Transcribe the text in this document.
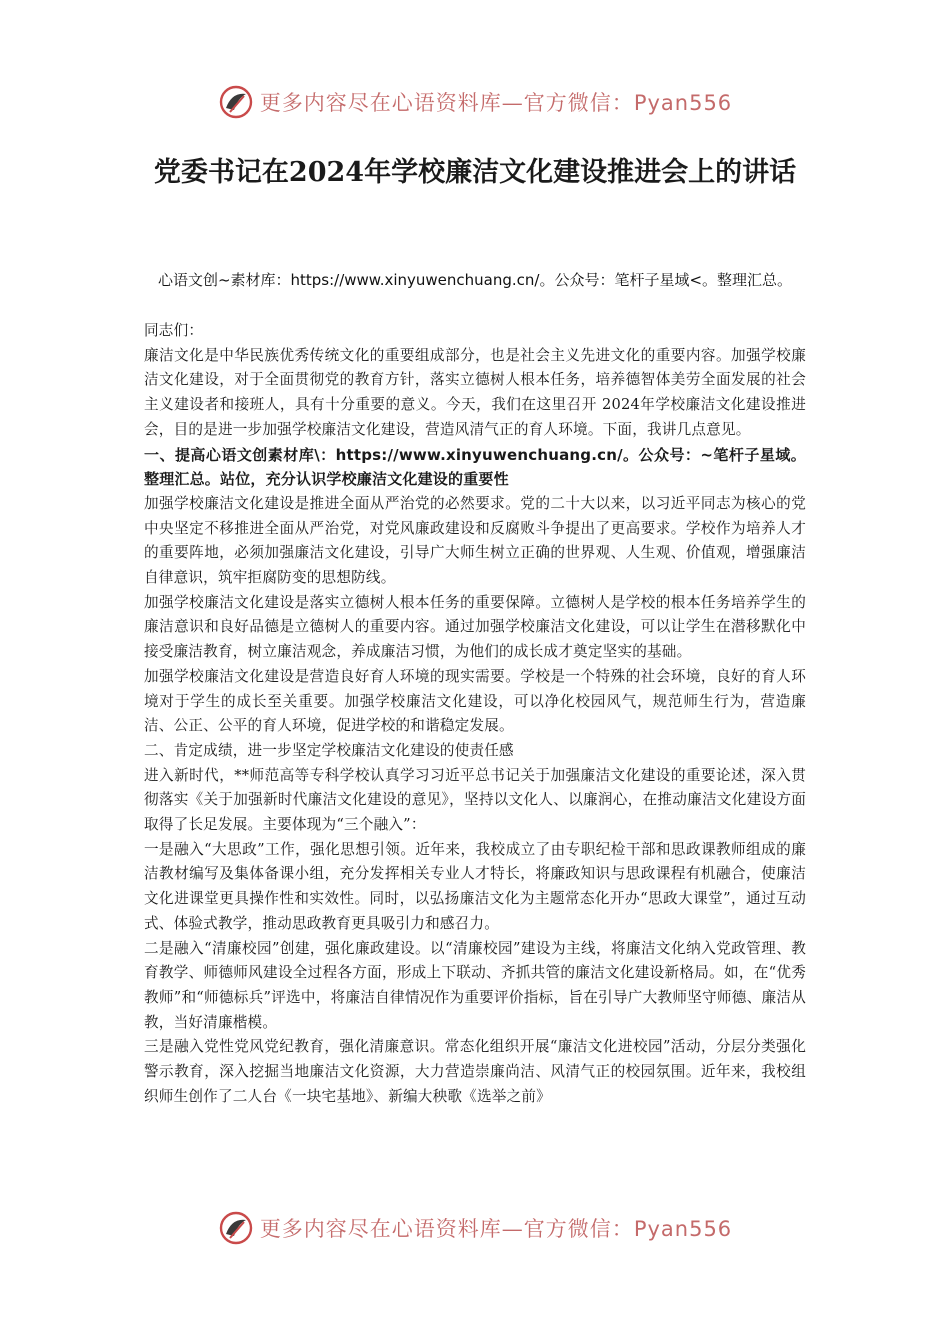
更多内容尽在心语资料库—官方微信：Pyan556
党委书记在2024年学校廉洁文化建设推进会上的讲话

心语文创~素材库：https://www.xinyuwenchuang.cn/。公众号：笔杆子星域<。整理汇总。

同志们：

廉洁文化是中华民族优秀传统文化的重要组成部分，也是社会主义先进文化的重要内容。加强学校廉洁文化建设，对于全面贯彻党的教育方针，落实立德树人根本任务，培养德智体美劳全面发展的社会主义建设者和接班人，具有十分重要的意义。今天，我们在这里召开 2024年学校廉洁文化建设推进会，目的是进一步加强学校廉洁文化建设，营造风清气正的育人环境。下面，我讲几点意见。

一、提高心语文创素材库\：https://www.xinyuwenchuang.cn/。公众号：~笔杆子星域。整理汇总。站位，充分认识学校廉洁文化建设的重要性

加强学校廉洁文化建设是推进全面从严治党的必然要求。党的二十大以来，以习近平同志为核心的党中央坚定不移推进全面从严治党，对党风廉政建设和反腐败斗争提出了更高要求。学校作为培养人才的重要阵地，必须加强廉洁文化建设，引导广大师生树立正确的世界观、人生观、价值观，增强廉洁自律意识，筑牢拒腐防变的思想防线。

加强学校廉洁文化建设是落实立德树人根本任务的重要保障。立德树人是学校的根本任务培养学生的廉洁意识和良好品德是立德树人的重要内容。通过加强学校廉洁文化建设，可以让学生在潜移默化中接受廉洁教育，树立廉洁观念，养成廉洁习惯，为他们的成长成才奠定坚实的基础。

加强学校廉洁文化建设是营造良好育人环境的现实需要。学校是一个特殊的社会环境，良好的育人环境对于学生的成长至关重要。加强学校廉洁文化建设，可以净化校园风气，规范师生行为，营造廉洁、公正、公平的育人环境，促进学校的和谐稳定发展。

二、肯定成绩，进一步坚定学校廉洁文化建设的使责任感

进入新时代，**师范高等专科学校认真学习习近平总书记关于加强廉洁文化建设的重要论述，深入贯彻落实《关于加强新时代廉洁文化建设的意见》，坚持以文化人、以廉润心，在推动廉洁文化建设方面取得了长足发展。主要体现为“三个融入”：

一是融入“大思政”工作，强化思想引领。近年来，我校成立了由专职纪检干部和思政课教师组成的廉洁教材编写及集体备课小组，充分发挥相关专业人才特长，将廉政知识与思政课程有机融合，使廉洁文化进课堂更具操作性和实效性。同时，以弘扬廉洁文化为主题常态化开办“思政大课堂”，通过互动式、体验式教学，推动思政教育更具吸引力和感召力。

二是融入“清廉校园”创建，强化廉政建设。以“清廉校园”建设为主线，将廉洁文化纳入党政管理、教育教学、师德师风建设全过程各方面，形成上下联动、齐抓共管的廉洁文化建设新格局。如，在“优秀教师”和“师德标兵”评选中，将廉洁自律情况作为重要评价指标，旨在引导广大教师坚守师德、廉洁从教，当好清廉楷模。

三是融入党性党风党纪教育，强化清廉意识。常态化组织开展“廉洁文化进校园”活动，分层分类强化警示教育，深入挖掘当地廉洁文化资源，大力营造崇廉尚洁、风清气正的校园氛围。近年来，我校组织师生创作了二人台《一块宅基地》、新编大秧歌《选举之前》

更多内容尽在心语资料库—官方微信：Pyan556
